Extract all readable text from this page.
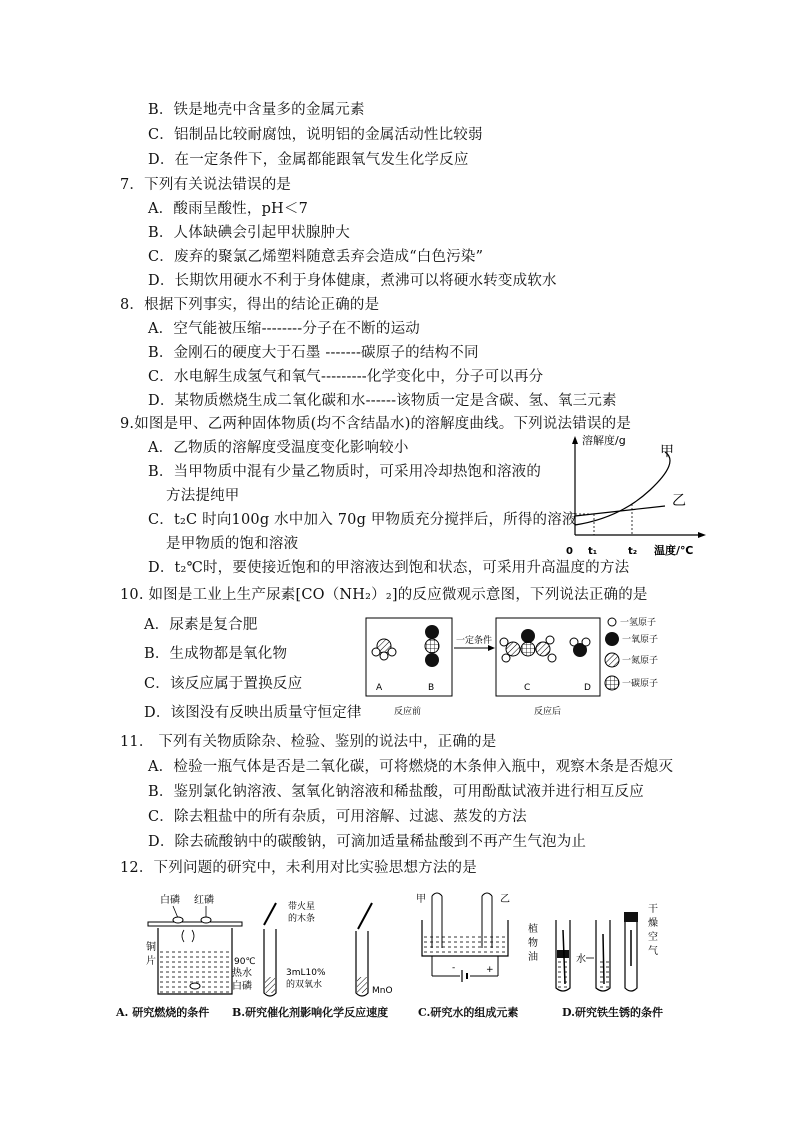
B．铁是地壳中含量多的金属元素
C．铝制品比较耐腐蚀，说明铝的金属活动性比较弱
D．在一定条件下，金属都能跟氧气发生化学反应
7．下列有关说法错误的是
A．酸雨呈酸性，pH＜7
B．人体缺碘会引起甲状腺肿大
C．废弃的聚氯乙烯塑料随意丢弃会造成“白色污染”
D．长期饮用硬水不利于身体健康，煮沸可以将硬水转变成软水
8．根据下列事实，得出的结论正确的是
A．空气能被压缩--------分子在不断的运动
B．金刚石的硬度大于石墨 -------碳原子的结构不同
C．水电解生成氢气和氧气---------化学变化中，分子可以再分
D．某物质燃烧生成二氧化碳和水------该物质一定是含碳、氢、氧三元素
9.如图是甲、乙两种固体物质(均不含结晶水)的溶解度曲线。下列说法错误的是
A．乙物质的溶解度受温度变化影响较小
B．当甲物质中混有少量乙物质时，可采用冷却热饱和溶液的
方法提纯甲
C．t₂C 时向100g 水中加入 70g 甲物质充分搅拌后，所得的溶液
是甲物质的饱和溶液
D．t₂℃时，要使接近饱和的甲溶液达到饱和状态，可采用升高温度的方法
溶解度/g
甲
乙
0 t₁	t₂ 温度/℃
10. 如图是工业上生产尿素[CO（NH₂）₂]的反应微观示意图，下列说法正确的是
A．尿素是复合肥
B．生成物都是氧化物
C．该反应属于置换反应
D．该图没有反映出质量守恒定律
A	B
反应前
一定条件
C	D
反应后
一氢原子
一氧原子
一氮原子
一碳原子
11． 下列有关物质除杂、检验、鉴别的说法中，正确的是
A．检验一瓶气体是否是二氧化碳，可将燃烧的木条伸入瓶中，观察木条是否熄灭
B．鉴别氯化钠溶液、氢氧化钠溶液和稀盐酸，可用酚酞试液并进行相互反应
C．除去粗盐中的所有杂质，可用溶解、过滤、蒸发的方法
D．除去硫酸钠中的碳酸钠，可滴加适量稀盐酸到不再产生气泡为止
12．下列问题的研究中，未利用对比实验思想方法的是
白磷 红磷
铜
片	90℃
热水
白磷
带火星
的木条
3mL10%
的双氧水
MnO
甲	乙
-	+
植
物
油	水
干
燥
空
气
A. 研究燃烧的条件 B.研究催化剂影响化学反应速度	C.研究水的组成元素	D.研究铁生锈的条件
